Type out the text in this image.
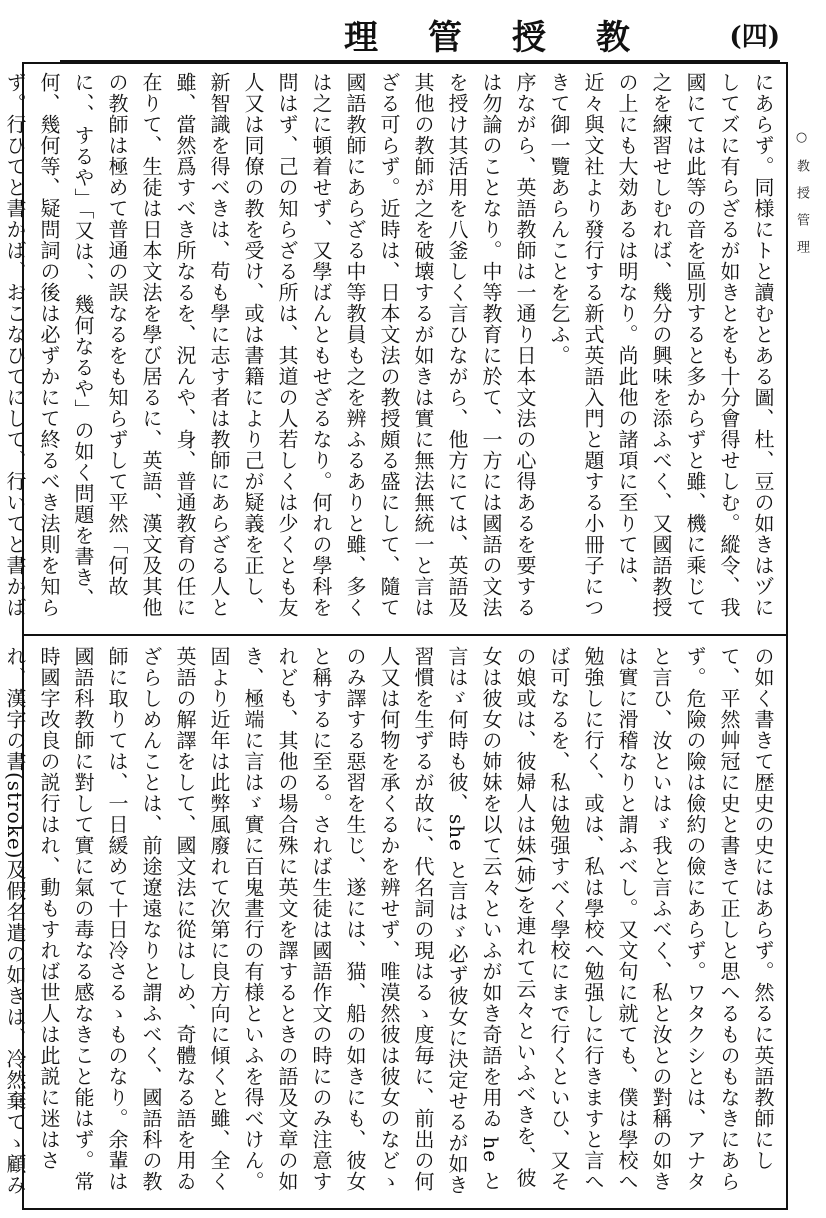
理 管 授 教	(四)

にあらず。同様にトと讀むとある圖、杜、豆の如きはヅにしてズに有らざるが如きとをも十分會得せしむ。縱令、我國にては此等の音を區別すると多からずと雖、機に乘じて之を練習せしむれば、幾分の興味を添ふべく、又國語教授の上にも大効あるは明なり。尚此他の諸項に至りては、近々與文社より發行する新式英語入門と題する小冊子につきて御一覽あらんことを乞ふ。

序ながら、英語教師は一通り日本文法の心得あるを要するは勿論のことなり。中等教育に於て、一方には國語の文法を授け其活用を八釜しく言ひながら、他方にては、英語及其他の教師が之を破壊するが如きは實に無法無統一と言はざる可らず。近時は、日本文法の教授頗る盛にして、隨て國語教師にあらざる中等教員も之を辨ふるありと雖、多くは之に頓着せず、又學ばんともせざるなり。何れの學科を問はず、己の知らざる所は、其道の人若しくは少くとも友人又は同僚の教を受け、或は書籍により己が疑義を正し、新智識を得べきは、苟も學に志す者は教師にあらざる人と雖、當然爲すべき所なるを、況んや、身、普通教育の任に在りて、生徒は日本文法を學び居るに、英語、漢文及其他の教師は極めて普通の誤なるをも知らずして平然「何故に、、するや」「又は、、幾何なるや」の如く問題を書き、何、幾何等、疑問詞の後は必ずかにて終るべき法則を知らず。行ひてと書かば、おこなひてにして、行いてと書かば

の如く書きて歴史の史にはあらず。然るに英語教師にして、平然艸冠に史と書きて正しと思へるものもなきにあらず。危險の險は儉約の儉にあらず。ワタクシとは、アナタと言ひ、汝といはゞ我と言ふべく、私と汝との對稱の如きは實に滑稽なりと謂ふべし。又文句に就ても、僕は學校へ勉強しに行く、或は、私は學校へ勉强しに行きますと言へば可なるを、私は勉强すべく學校にまで行くといひ、又その娘或は、彼婦人は妹(姉)を連れて云々といふべきを、彼女は彼女の姉妹を以て云々といふが如き奇語を用ゐ he と言はゞ何時も彼、she と言はゞ必ず彼女に決定せるが如き習慣を生ずるが故に、代名詞の現はるゝ度毎に、前出の何人又は何物を承くるかを辨せず、唯漠然彼は彼女のなどゝのみ譯する惡習を生じ、遂には、猫、船の如きにも、彼女と稱するに至る。されば生徒は國語作文の時にのみ注意すれども、其他の場合殊に英文を譯するときの語及文章の如き、極端に言はゞ實に百鬼晝行の有様といふを得べけん。固より近年は此弊風廢れて次第に良方向に傾くと雖、全く英語の解譯をして、國文法に從はしめ、奇體なる語を用ゐざらしめんことは、前途遼遠なりと謂ふべく、國語科の教師に取りては、一日緩めて十日冷さるゝものなり。余輩は國語科教師に對して實に氣の毒なる感なきこと能はず。常時國字改良の説行はれ、動もすれば世人は此説に迷はされ、漢字の書(stroke)及假名遣の如きは、冷然棄てゝ顧み

○教授管理
